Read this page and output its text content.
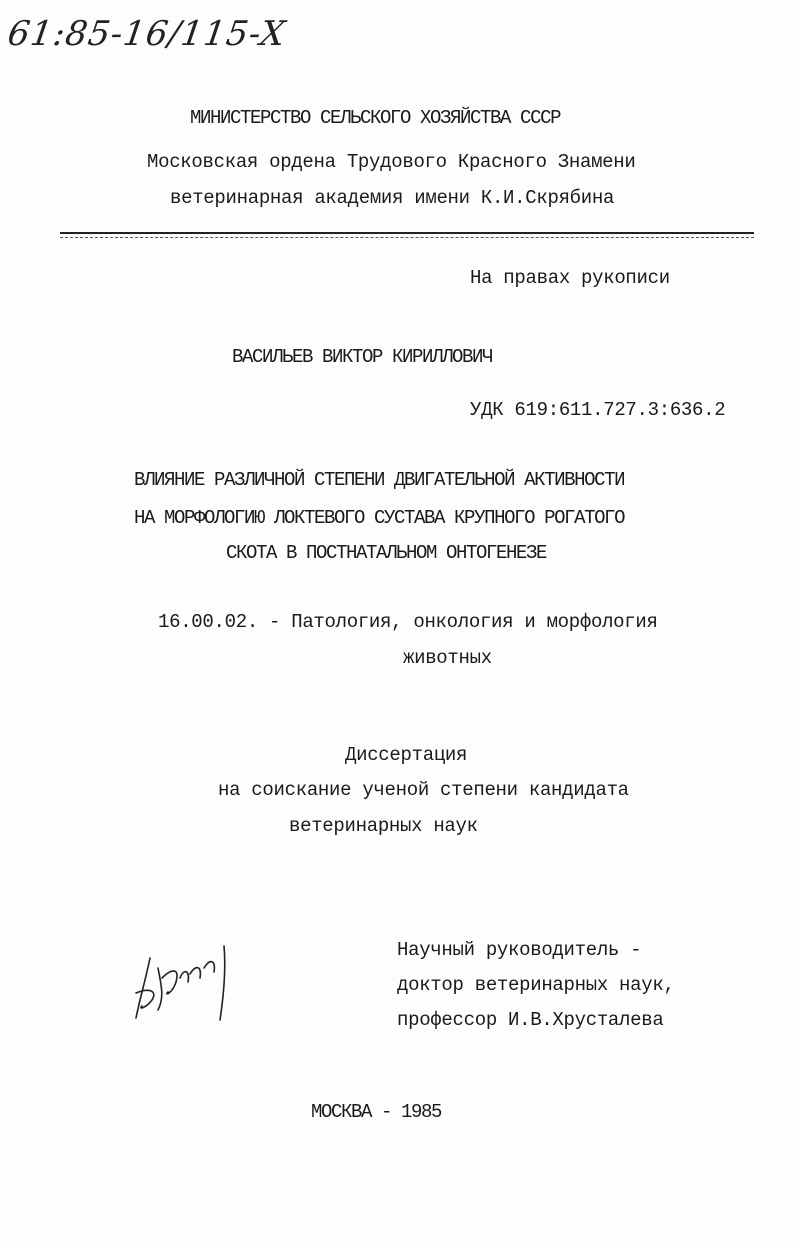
61:85-16/115-X
МИНИСТЕРСТВО СЕЛЬСКОГО ХОЗЯЙСТВА СССР
Московская ордена Трудового Красного Знамени
ветеринарная академия имени К.И.Скрябина
На правах рукописи
ВАСИЛЬЕВ ВИКТОР КИРИЛЛОВИЧ
УДК 619:611.727.3:636.2
ВЛИЯНИЕ РАЗЛИЧНОЙ СТЕПЕНИ ДВИГАТЕЛЬНОЙ АКТИВНОСТИ
НА МОРФОЛОГИЮ ЛОКТЕВОГО СУСТАВА КРУПНОГО РОГАТОГО
СКОТА В ПОСТНАТАЛЬНОМ ОНТОГЕНЕЗЕ
16.00.02. - Патология, онкология и морфология
животных
Диссертация
на соискание ученой степени кандидата
ветеринарных наук
Научный руководитель -
доктор ветеринарных наук,
профессор И.В.Хрусталева
МОСКВА - 1985
